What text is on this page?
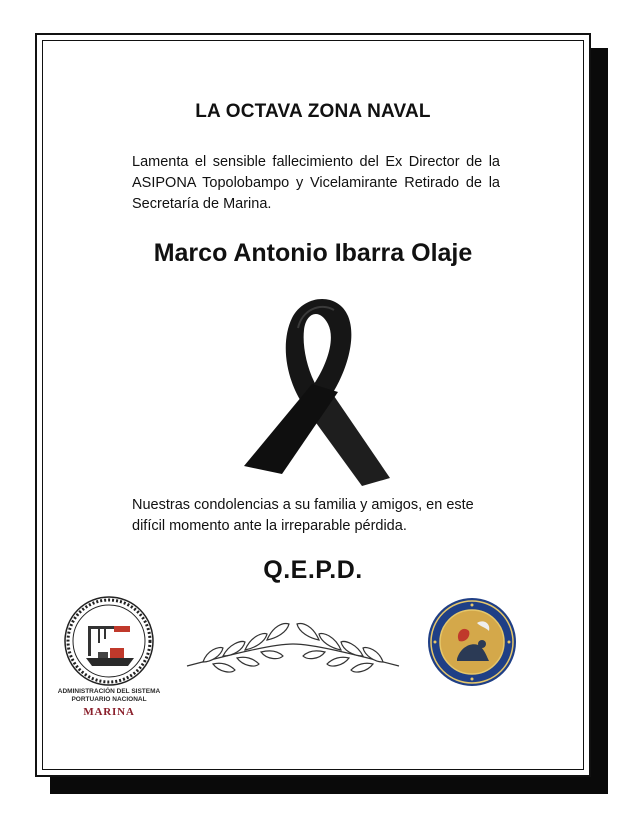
LA OCTAVA ZONA NAVAL
Lamenta el sensible fallecimiento del Ex Director de la ASIPONA Topolobampo y Vicelamirante Retirado de la Secretaría de Marina.
Marco Antonio Ibarra Olaje
Nuestras condolencias a su familia y amigos, en este difícil momento ante la irreparable pérdida.
Q.E.P.D.
ADMINISTRACIÓN DEL SISTEMA
PORTUARIO NACIONAL
MARINA
